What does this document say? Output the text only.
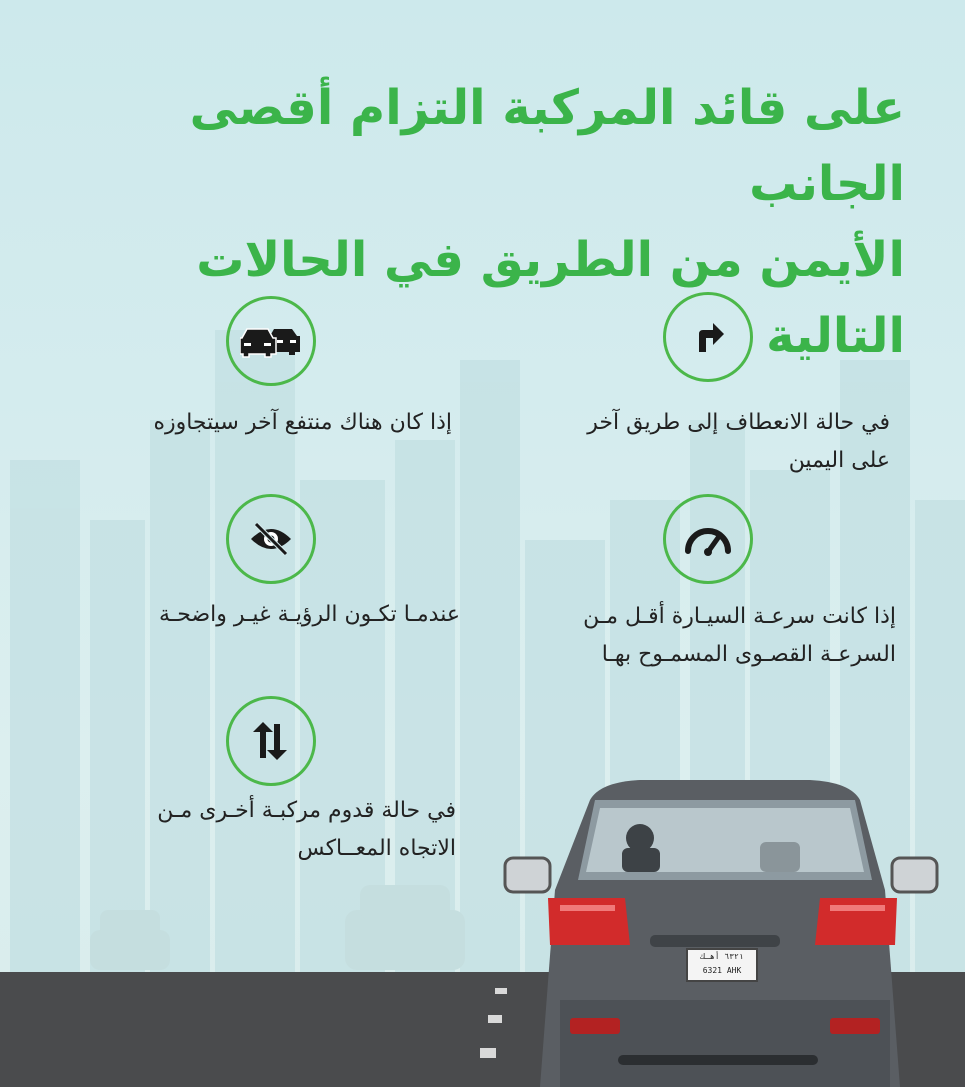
٦٣٢١ أهـك
6321 AHK
على قائد المركبة التزام أقصى الجانب
الأيمن من الطريق في الحالات التالية
في حالة الانعطاف إلى طريق آخر
على اليمين
إذا كان هناك منتفع آخر سيتجاوزه
إذا كانت سرعـة السيـارة أقـل مـن
السرعـة القصـوى المسمـوح بهـا
عندمـا تكـون الرؤيـة غيـر واضحـة
في حالة قدوم مركبـة أخـرى مـن
الاتجاه المعــاكس
